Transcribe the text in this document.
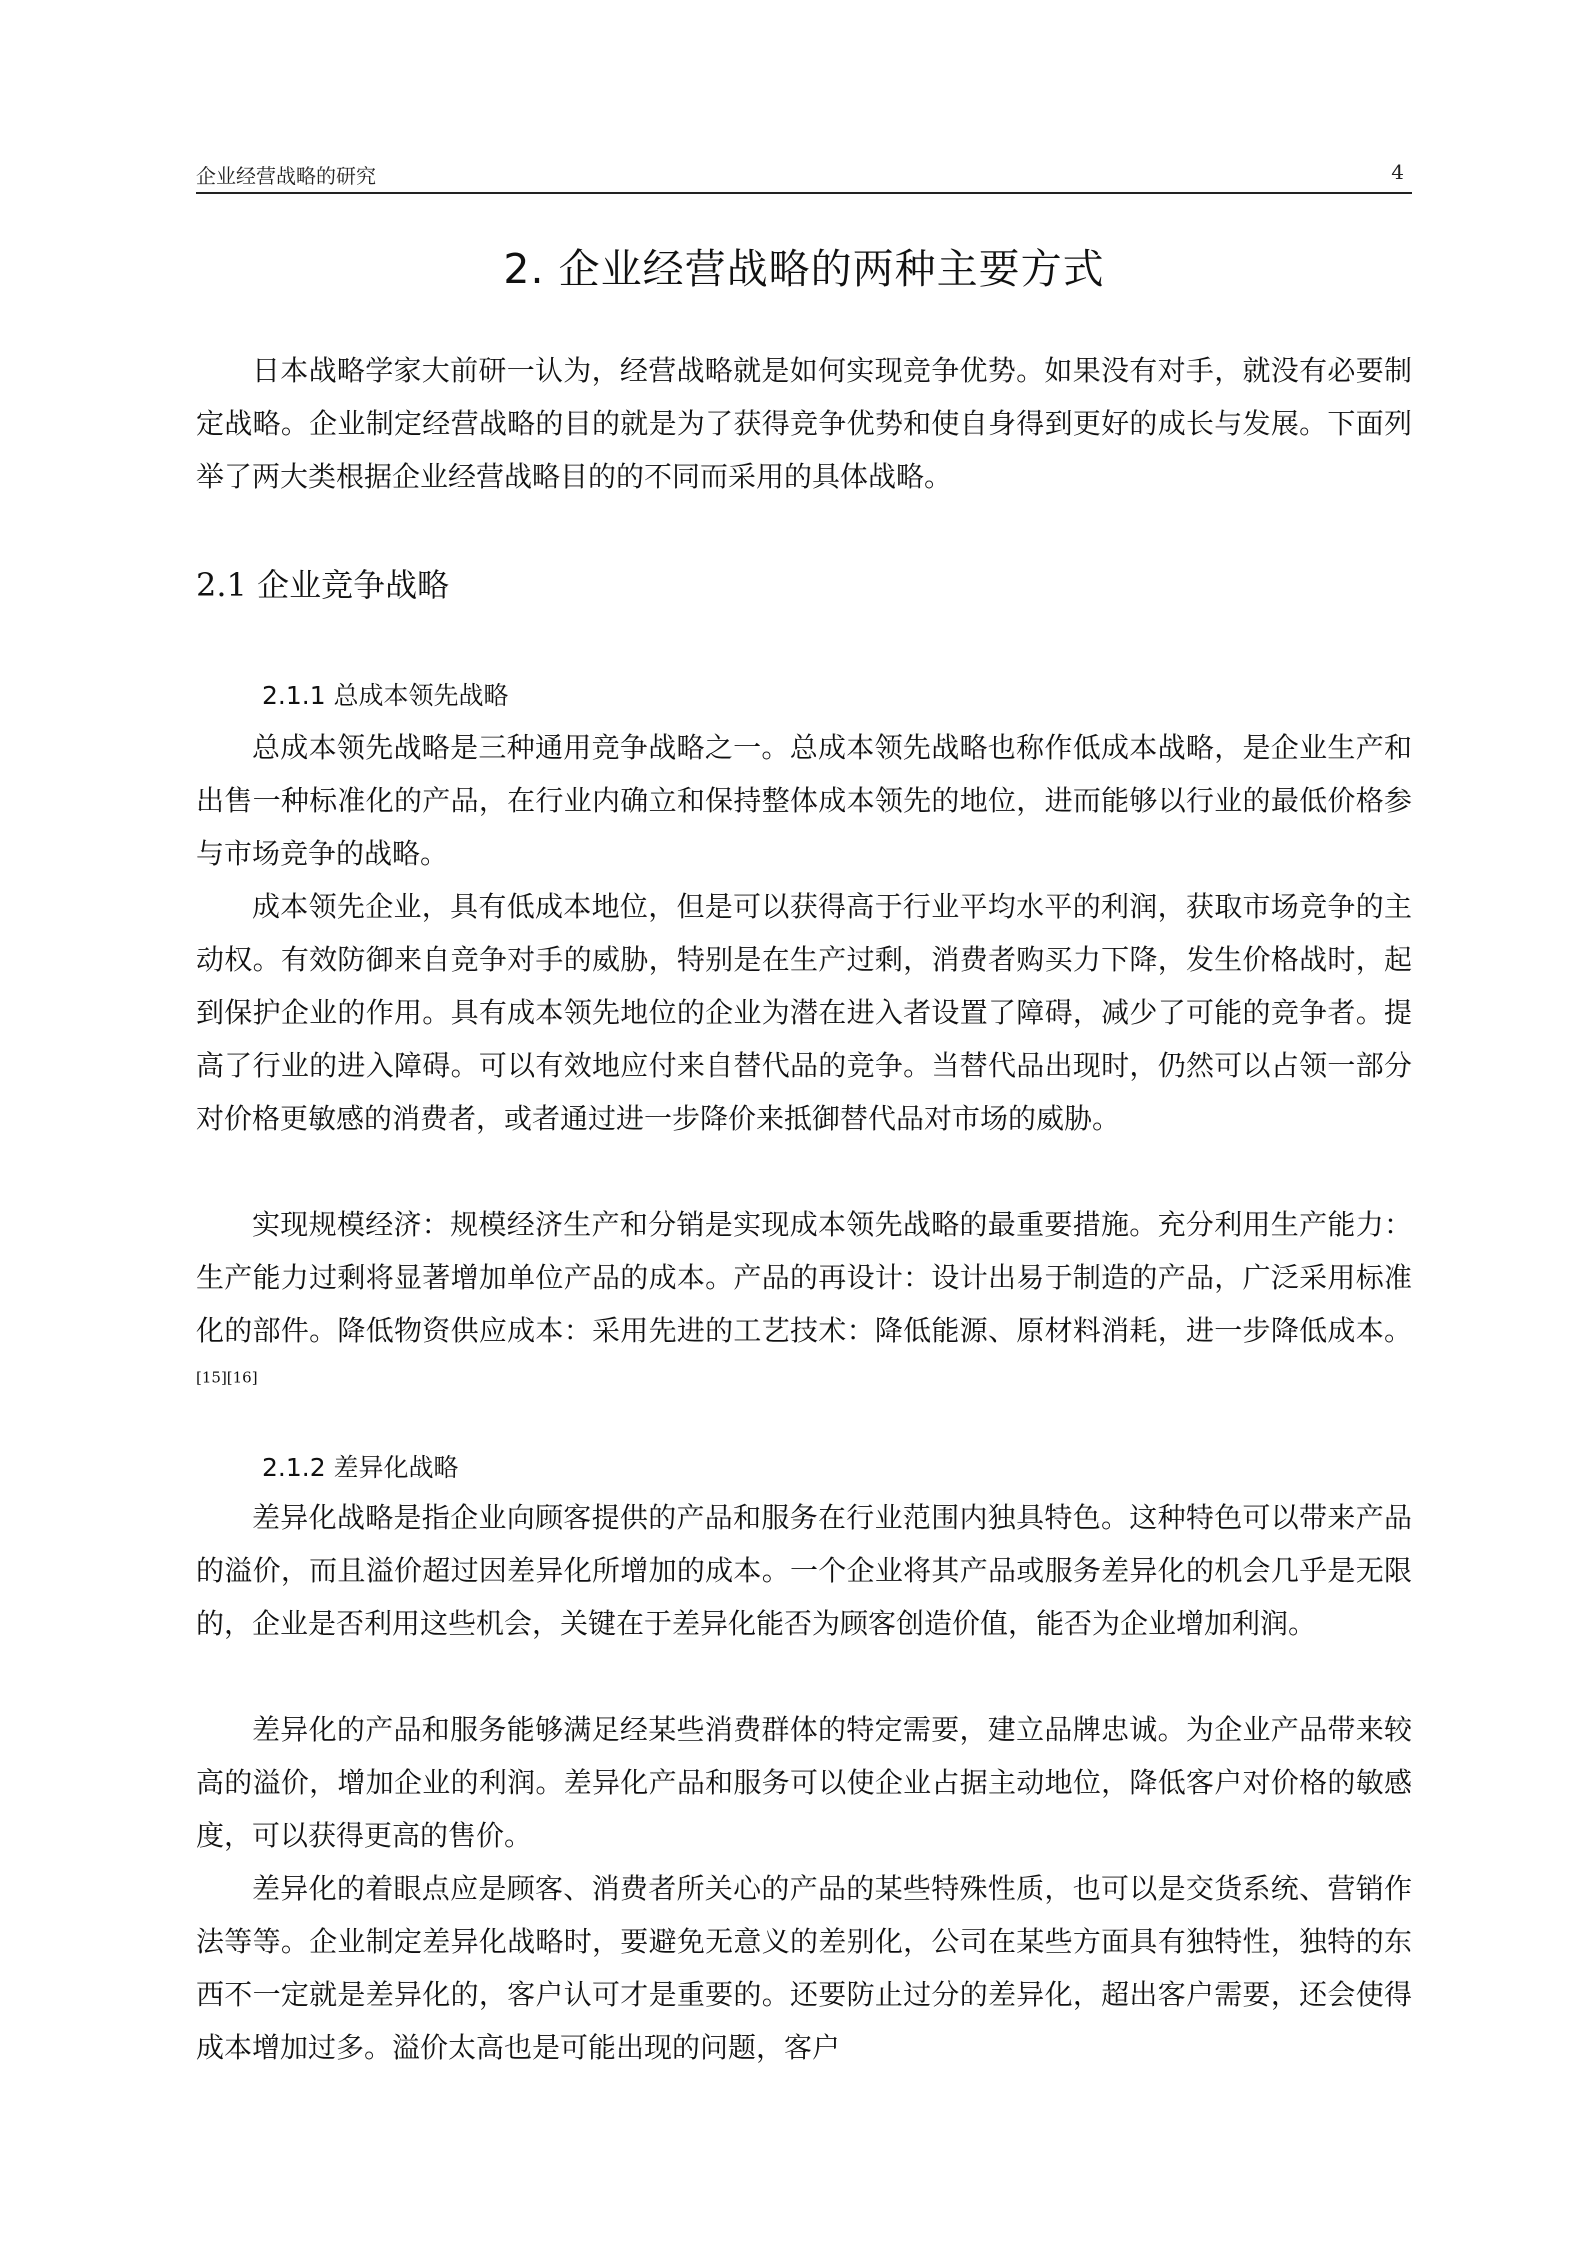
企业经营战略的研究	4
2. 企业经营战略的两种主要方式

日本战略学家大前研一认为，经营战略就是如何实现竞争优势。如果没有对手，就没有必要制定战略。企业制定经营战略的目的就是为了获得竞争优势和使自身得到更好的成长与发展。下面列举了两大类根据企业经营战略目的的不同而采用的具体战略。

2.1 企业竞争战略
2.1.1 总成本领先战略

总成本领先战略是三种通用竞争战略之一。总成本领先战略也称作低成本战略，是企业生产和出售一种标准化的产品，在行业内确立和保持整体成本领先的地位，进而能够以行业的最低价格参与市场竞争的战略。

成本领先企业，具有低成本地位，但是可以获得高于行业平均水平的利润，获取市场竞争的主动权。有效防御来自竞争对手的威胁，特别是在生产过剩，消费者购买力下降，发生价格战时，起到保护企业的作用。具有成本领先地位的企业为潜在进入者设置了障碍，减少了可能的竞争者。提高了行业的进入障碍。可以有效地应付来自替代品的竞争。当替代品出现时，仍然可以占领一部分对价格更敏感的消费者，或者通过进一步降价来抵御替代品对市场的威胁。

实现规模经济：规模经济生产和分销是实现成本领先战略的最重要措施。充分利用生产能力：生产能力过剩将显著增加单位产品的成本。产品的再设计：设计出易于制造的产品，广泛采用标准化的部件。降低物资供应成本：采用先进的工艺技术：降低能源、原材料消耗，进一步降低成本。[15][16]

2.1.2 差异化战略

差异化战略是指企业向顾客提供的产品和服务在行业范围内独具特色。这种特色可以带来产品的溢价，而且溢价超过因差异化所增加的成本。一个企业将其产品或服务差异化的机会几乎是无限的，企业是否利用这些机会，关键在于差异化能否为顾客创造价值，能否为企业增加利润。

差异化的产品和服务能够满足经某些消费群体的特定需要，建立品牌忠诚。为企业产品带来较高的溢价，增加企业的利润。差异化产品和服务可以使企业占据主动地位，降低客户对价格的敏感度，可以获得更高的售价。

差异化的着眼点应是顾客、消费者所关心的产品的某些特殊性质，也可以是交货系统、营销作法等等。企业制定差异化战略时，要避免无意义的差别化，公司在某些方面具有独特性，独特的东西不一定就是差异化的，客户认可才是重要的。还要防止过分的差异化，超出客户需要，还会使得成本增加过多。溢价太高也是可能出现的问题，客户
